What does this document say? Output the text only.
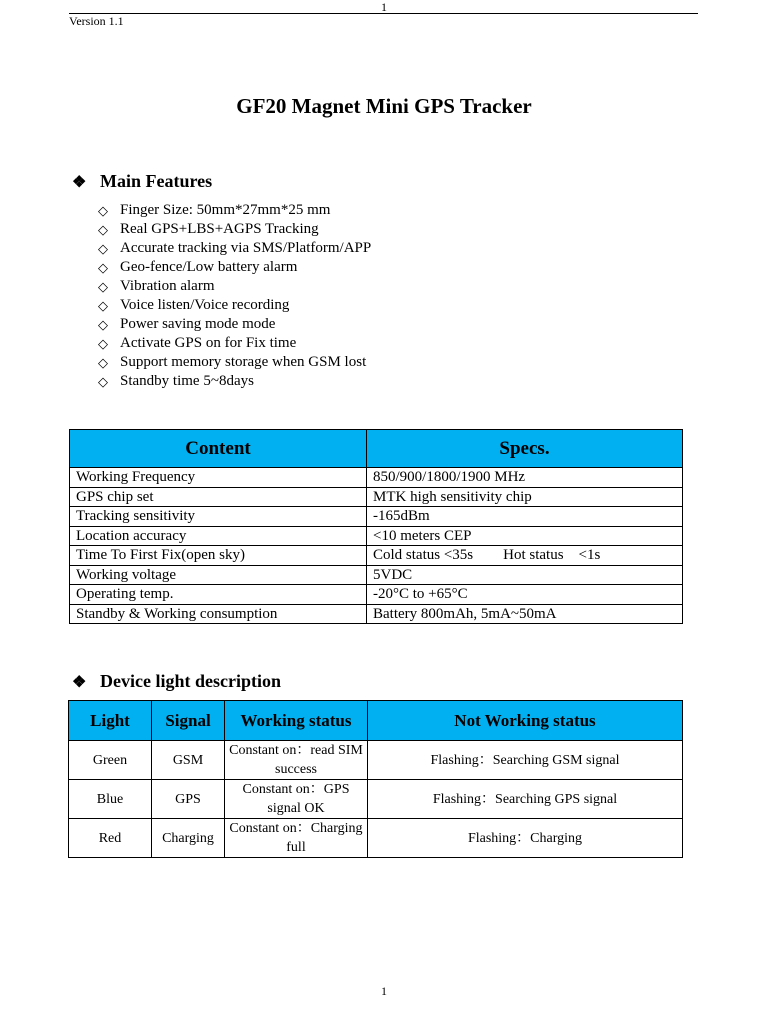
1
Version 1.1
GF20 Magnet Mini GPS Tracker
❖ Main Features
◇ Finger Size: 50mm*27mm*25 mm
◇ Real GPS+LBS+AGPS Tracking
◇ Accurate tracking via SMS/Platform/APP
◇ Geo-fence/Low battery alarm
◇ Vibration alarm
◇ Voice listen/Voice recording
◇ Power saving mode mode
◇ Activate GPS on for Fix time
◇ Support memory storage when GSM lost
◇ Standby time 5~8days
Content	Specs.
Working Frequency	850/900/1800/1900 MHz
GPS chip set	MTK high sensitivity chip
Tracking sensitivity	-165dBm
Location accuracy	<10 meters CEP
Time To First Fix(open sky)	Cold status <35s        Hot status    <1s
Working voltage	5VDC
Operating temp.	-20°C to +65°C
Standby & Working consumption	Battery 800mAh, 5mA~50mA
❖ Device light description
Light	Signal	Working status	Not Working status
Green	GSM	Constant on：read SIM success	Flashing：Searching GSM signal
Blue	GPS	Constant on：GPS signal OK	Flashing：Searching GPS signal
Red	Charging	Constant on：Charging full	Flashing：Charging
1
